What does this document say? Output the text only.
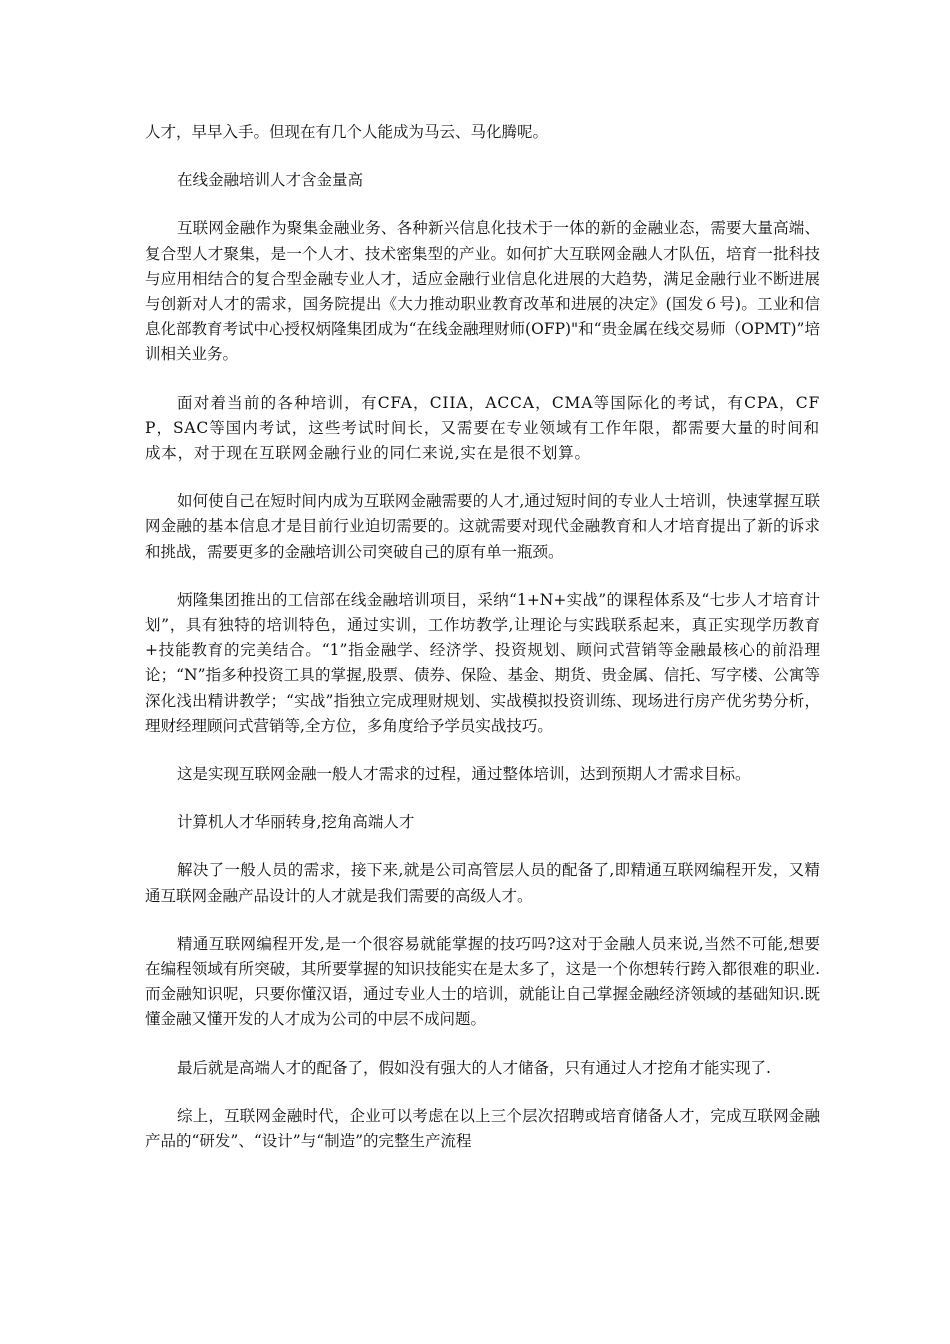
人才，早早入手。但现在有几个人能成为马云、马化腾呢。

在线金融培训人才含金量高

互联网金融作为聚集金融业务、各种新兴信息化技术于一体的新的金融业态，需要大量高端、复合型人才聚集，是一个人才、技术密集型的产业。如何扩大互联网金融人才队伍，培育一批科技与应用相结合的复合型金融专业人才，适应金融行业信息化进展的大趋势，满足金融行业不断进展与创新对人才的需求，国务院提出《大力推动职业教育改革和进展的决定》(国发６号)。工业和信息化部教育考试中心授权炳隆集团成为“在线金融理财师(OFP)"和“贵金属在线交易师（OPMT)”培训相关业务。

面对着当前的各种培训，有CFA，CIIA，ACCA，CMA等国际化的考试，有CPA，CFP，SAC等国内考试，这些考试时间长，又需要在专业领域有工作年限，都需要大量的时间和成本，对于现在互联网金融行业的同仁来说,实在是很不划算。

如何使自己在短时间内成为互联网金融需要的人才,通过短时间的专业人士培训，快速掌握互联网金融的基本信息才是目前行业迫切需要的。这就需要对现代金融教育和人才培育提出了新的诉求和挑战，需要更多的金融培训公司突破自己的原有单一瓶颈。

炳隆集团推出的工信部在线金融培训项目，采纳“1+N+实战”的课程体系及“七步人才培育计划”，具有独特的培训特色，通过实训，工作坊教学,让理论与实践联系起来，真正实现学历教育+技能教育的完美结合。“1”指金融学、经济学、投资规划、顾问式营销等金融最核心的前沿理论；“N”指多种投资工具的掌握,股票、债券、保险、基金、期货、贵金属、信托、写字楼、公寓等深化浅出精讲教学；“实战”指独立完成理财规划、实战模拟投资训练、现场进行房产优劣势分析，理财经理顾问式营销等,全方位，多角度给予学员实战技巧。

这是实现互联网金融一般人才需求的过程，通过整体培训，达到预期人才需求目标。

计算机人才华丽转身,挖角高端人才

解决了一般人员的需求，接下来,就是公司高管层人员的配备了,即精通互联网编程开发，又精通互联网金融产品设计的人才就是我们需要的高级人才。

精通互联网编程开发,是一个很容易就能掌握的技巧吗?这对于金融人员来说,当然不可能,想要在编程领域有所突破，其所要掌握的知识技能实在是太多了，这是一个你想转行跨入都很难的职业.而金融知识呢，只要你懂汉语，通过专业人士的培训，就能让自己掌握金融经济领域的基础知识.既懂金融又懂开发的人才成为公司的中层不成问题。

最后就是高端人才的配备了，假如没有强大的人才储备，只有通过人才挖角才能实现了.

综上，互联网金融时代，企业可以考虑在以上三个层次招聘或培育储备人才，完成互联网金融产品的“研发”、“设计”与“制造”的完整生产流程
